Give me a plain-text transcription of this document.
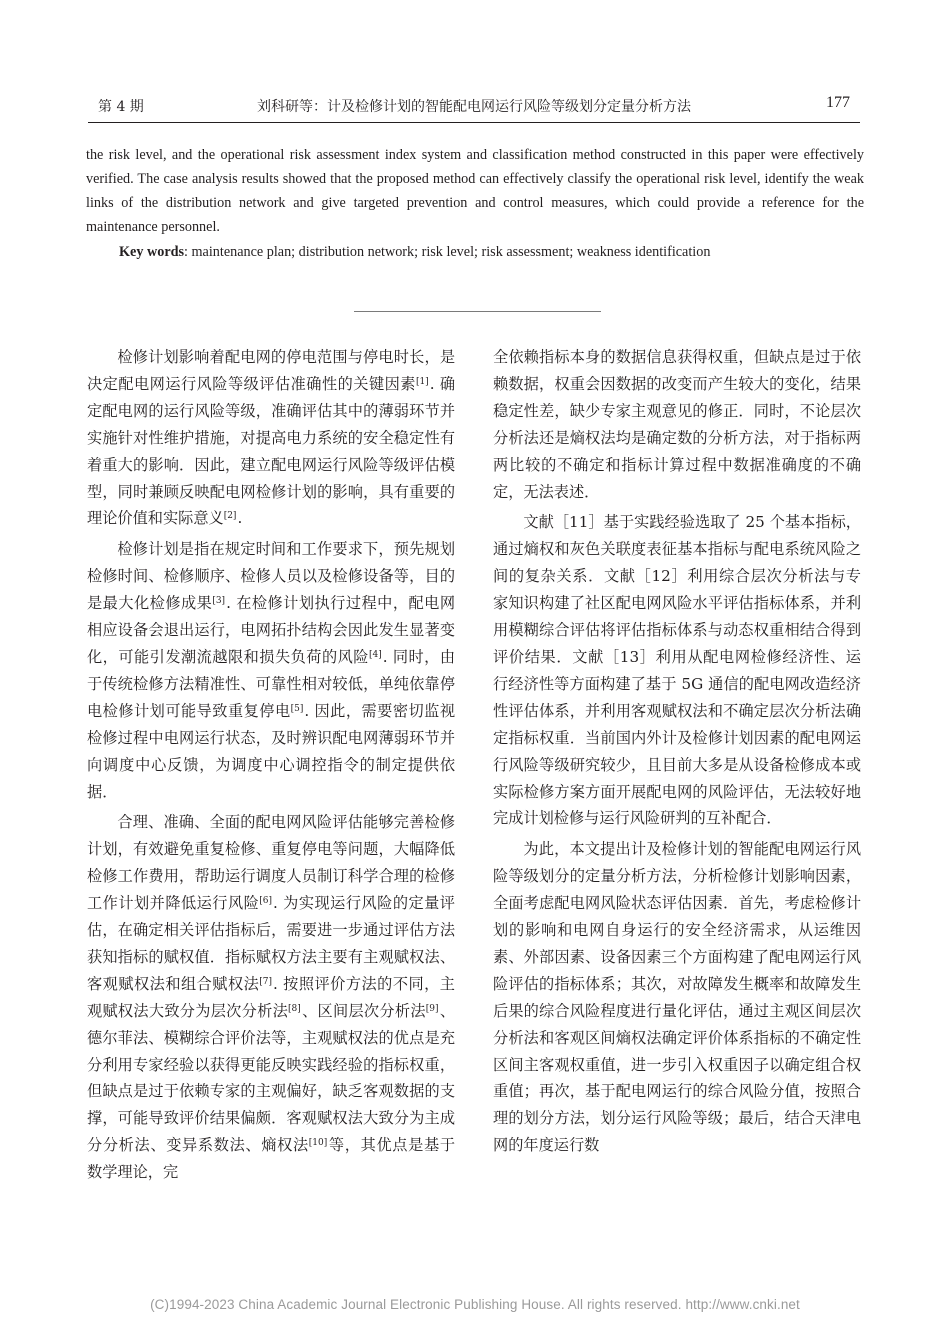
第 4 期	刘科研等：计及检修计划的智能配电网运行风险等级划分定量分析方法	177

the risk level, and the operational risk assessment index system and classification method constructed in this paper were effectively verified. The case analysis results showed that the proposed method can effectively classify the operational risk level, identify the weak links of the distribution network and give targeted prevention and control measures, which could provide a reference for the maintenance personnel.

Key words: maintenance plan; distribution network; risk level; risk assessment; weakness identification

检修计划影响着配电网的停电范围与停电时长，是决定配电网运行风险等级评估准确性的关键因素[1]. 确定配电网的运行风险等级，准确评估其中的薄弱环节并实施针对性维护措施，对提高电力系统的安全稳定性有着重大的影响．因此，建立配电网运行风险等级评估模型，同时兼顾反映配电网检修计划的影响，具有重要的理论价值和实际意义[2].

检修计划是指在规定时间和工作要求下，预先规划检修时间、检修顺序、检修人员以及检修设备等，目的是最大化检修成果[3]. 在检修计划执行过程中，配电网相应设备会退出运行，电网拓扑结构会因此发生显著变化，可能引发潮流越限和损失负荷的风险[4]. 同时，由于传统检修方法精准性、可靠性相对较低，单纯依靠停电检修计划可能导致重复停电[5]. 因此，需要密切监视检修过程中电网运行状态，及时辨识配电网薄弱环节并向调度中心反馈，为调度中心调控指令的制定提供依据．

合理、准确、全面的配电网风险评估能够完善检修计划，有效避免重复检修、重复停电等问题，大幅降低检修工作费用，帮助运行调度人员制订科学合理的检修工作计划并降低运行风险[6]. 为实现运行风险的定量评估，在确定相关评估指标后，需要进一步通过评估方法获知指标的赋权值．指标赋权方法主要有主观赋权法、客观赋权法和组合赋权法[7]. 按照评价方法的不同，主观赋权法大致分为层次分析法[8]、区间层次分析法[9]、德尔菲法、模糊综合评价法等，主观赋权法的优点是充分利用专家经验以获得更能反映实践经验的指标权重，但缺点是过于依赖专家的主观偏好，缺乏客观数据的支撑，可能导致评价结果偏颇．客观赋权法大致分为主成分分析法、变异系数法、熵权法[10]等，其优点是基于数学理论，完

全依赖指标本身的数据信息获得权重，但缺点是过于依赖数据，权重会因数据的改变而产生较大的变化，结果稳定性差，缺少专家主观意见的修正．同时，不论层次分析法还是熵权法均是确定数的分析方法，对于指标两两比较的不确定和指标计算过程中数据准确度的不确定，无法表述．

文献［11］基于实践经验选取了 25 个基本指标，通过熵权和灰色关联度表征基本指标与配电系统风险之间的复杂关系．文献［12］利用综合层次分析法与专家知识构建了社区配电网风险水平评估指标体系，并利用模糊综合评估将评估指标体系与动态权重相结合得到评价结果．文献［13］利用从配电网检修经济性、运行经济性等方面构建了基于 5G 通信的配电网改造经济性评估体系，并利用客观赋权法和不确定层次分析法确定指标权重．当前国内外计及检修计划因素的配电网运行风险等级研究较少，且目前大多是从设备检修成本或实际检修方案方面开展配电网的风险评估，无法较好地完成计划检修与运行风险研判的互补配合．

为此，本文提出计及检修计划的智能配电网运行风险等级划分的定量分析方法，分析检修计划影响因素，全面考虑配电网风险状态评估因素．首先，考虑检修计划的影响和电网自身运行的安全经济需求，从运维因素、外部因素、设备因素三个方面构建了配电网运行风险评估的指标体系；其次，对故障发生概率和故障发生后果的综合风险程度进行量化评估，通过主观区间层次分析法和客观区间熵权法确定评价体系指标的不确定性区间主客观权重值，进一步引入权重因子以确定组合权重值；再次，基于配电网运行的综合风险分值，按照合理的划分方法，划分运行风险等级；最后，结合天津电网的年度运行数

(C)1994-2023 China Academic Journal Electronic Publishing House. All rights reserved. http://www.cnki.net
